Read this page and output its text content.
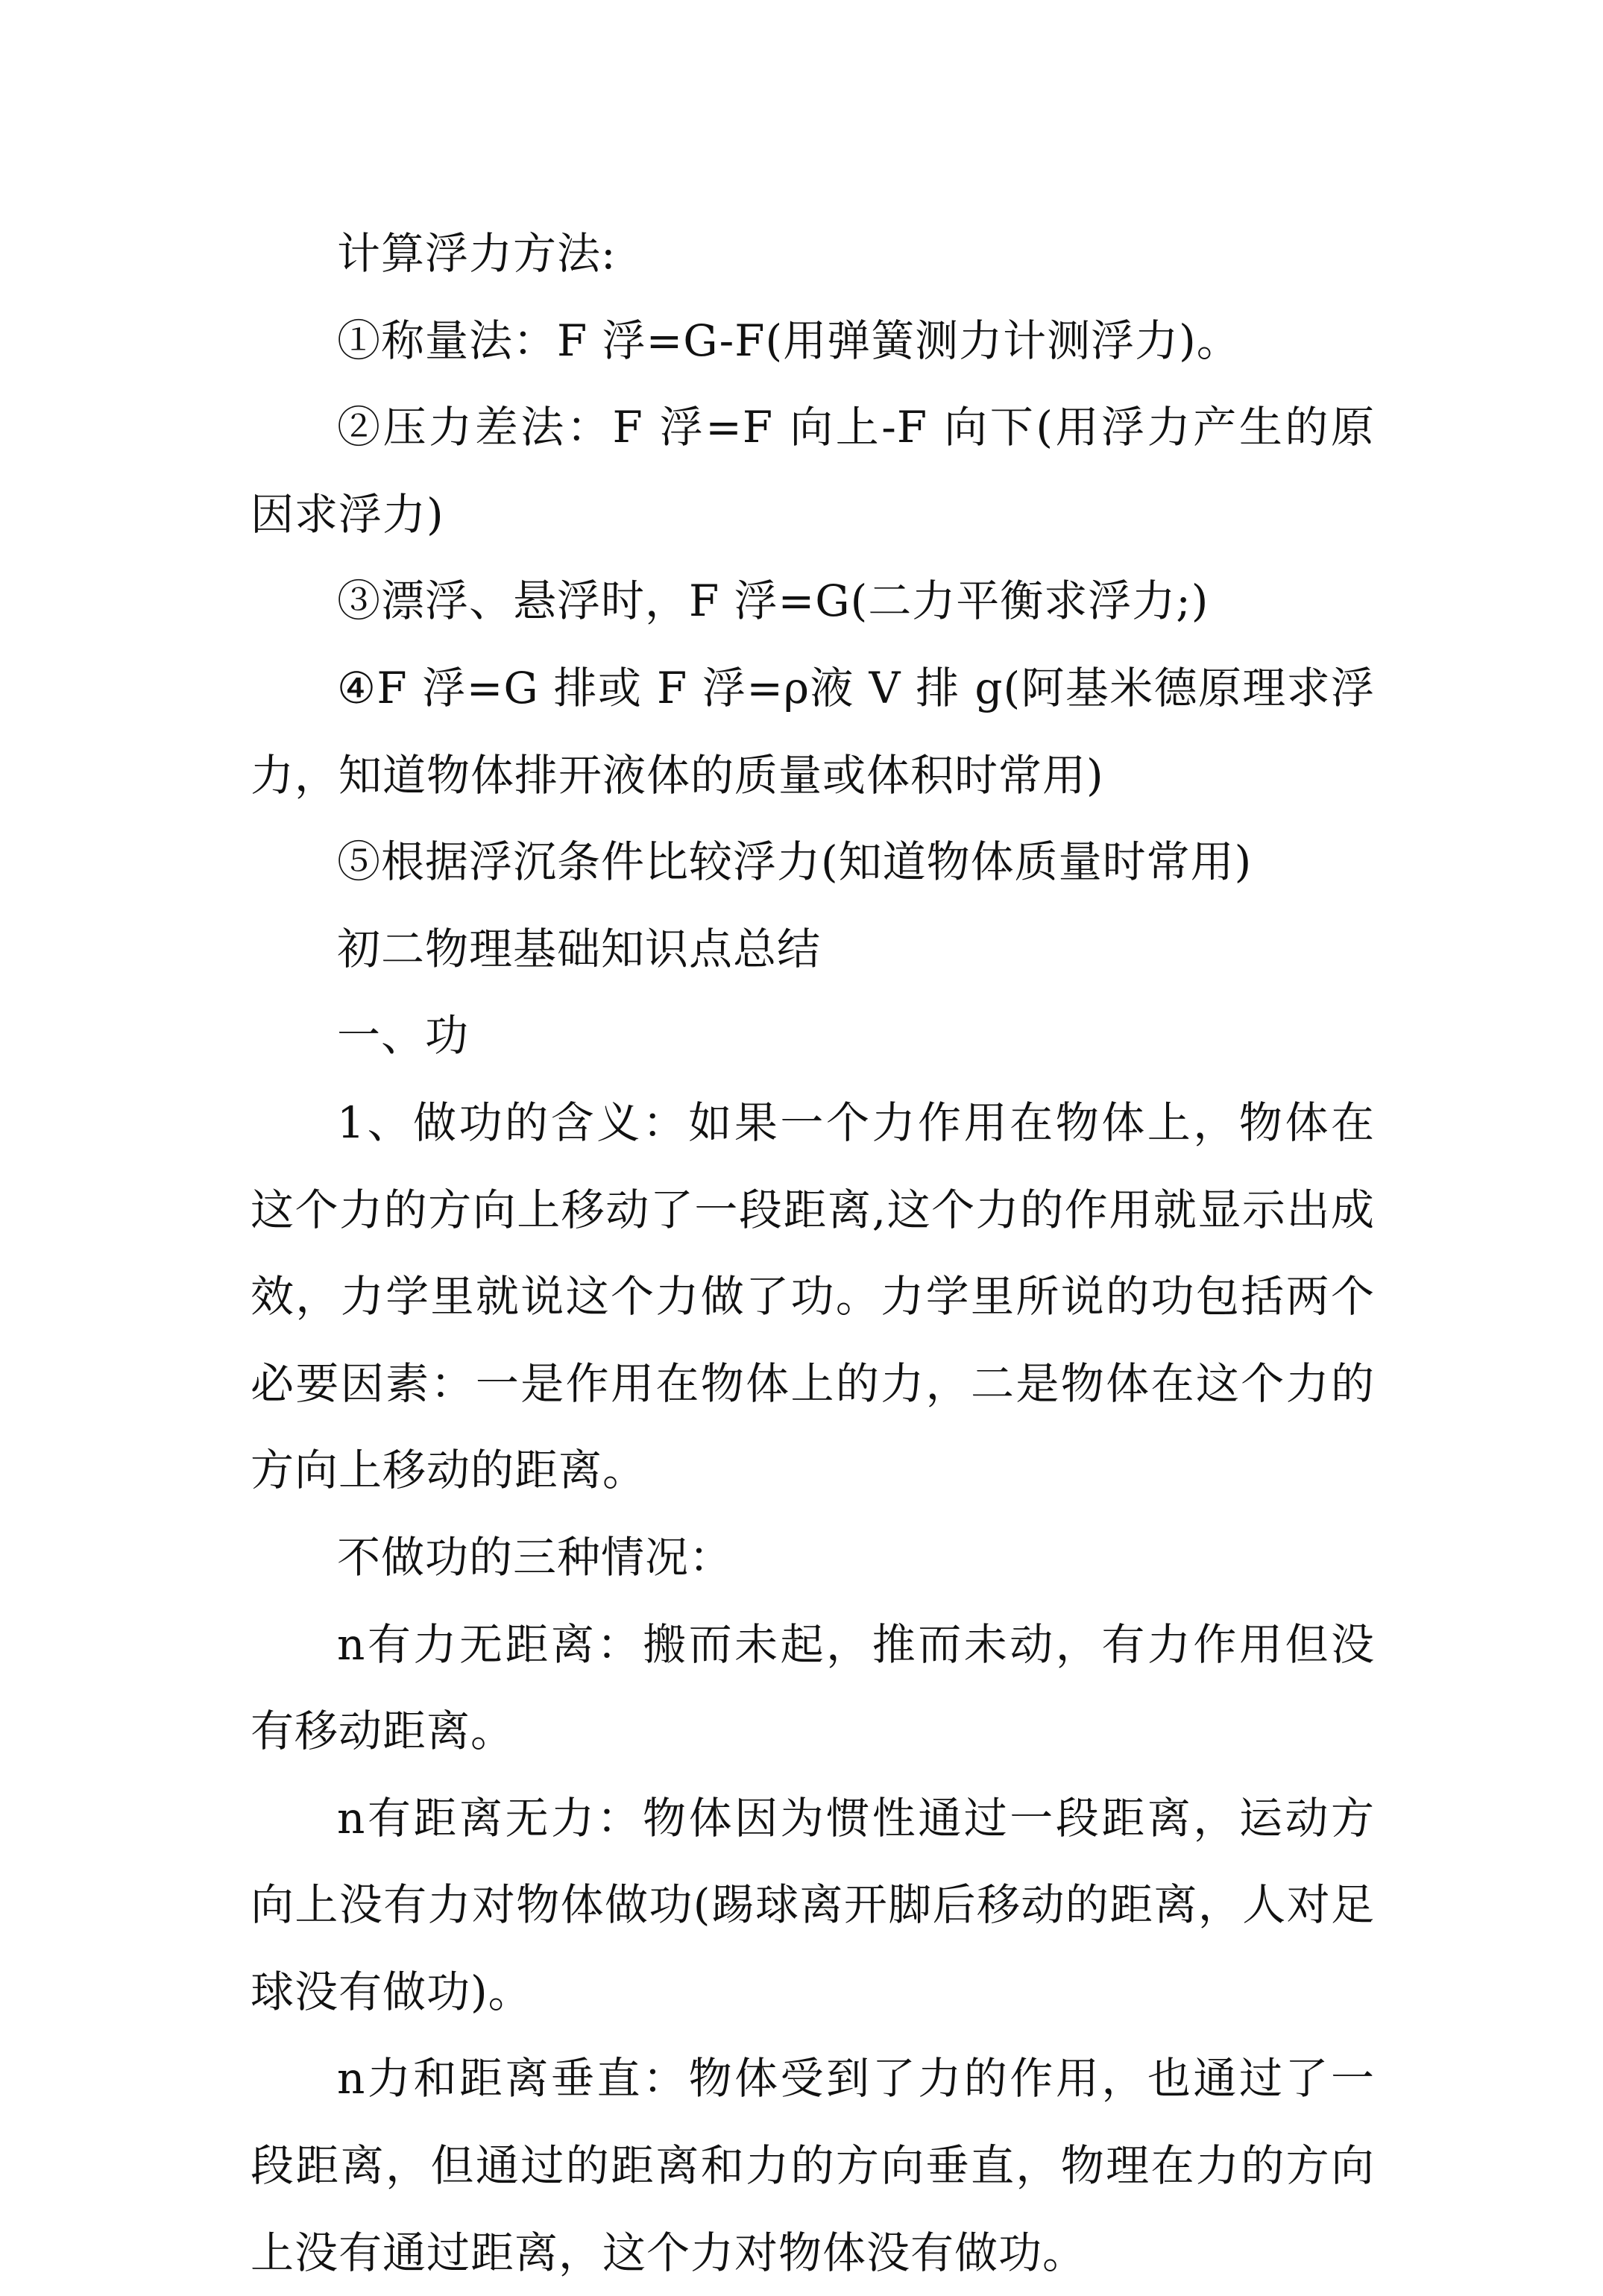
计算浮力方法:

①称量法：F 浮=G-F(用弹簧测力计测浮力)。

②压力差法：F 浮=F 向上-F 向下(用浮力产生的原因求浮力)

③漂浮、悬浮时，F 浮=G(二力平衡求浮力;)

④F 浮=G 排或 F 浮=ρ液 V 排 g(阿基米德原理求浮力，知道物体排开液体的质量或体积时常用)

⑤根据浮沉条件比较浮力(知道物体质量时常用)

初二物理基础知识点总结

一、功

1、做功的含义：如果一个力作用在物体上，物体在这个力的方向上移动了一段距离,这个力的作用就显示出成效，力学里就说这个力做了功。力学里所说的功包括两个必要因素：一是作用在物体上的力，二是物体在这个力的方向上移动的距离。

不做功的三种情况：

n有力无距离：搬而未起，推而未动，有力作用但没有移动距离。

n有距离无力：物体因为惯性通过一段距离，运动方向上没有力对物体做功(踢球离开脚后移动的距离，人对足球没有做功)。

n力和距离垂直：物体受到了力的作用，也通过了一段距离，但通过的距离和力的方向垂直，物理在力的方向上没有通过距离，这个力对物体没有做功。
